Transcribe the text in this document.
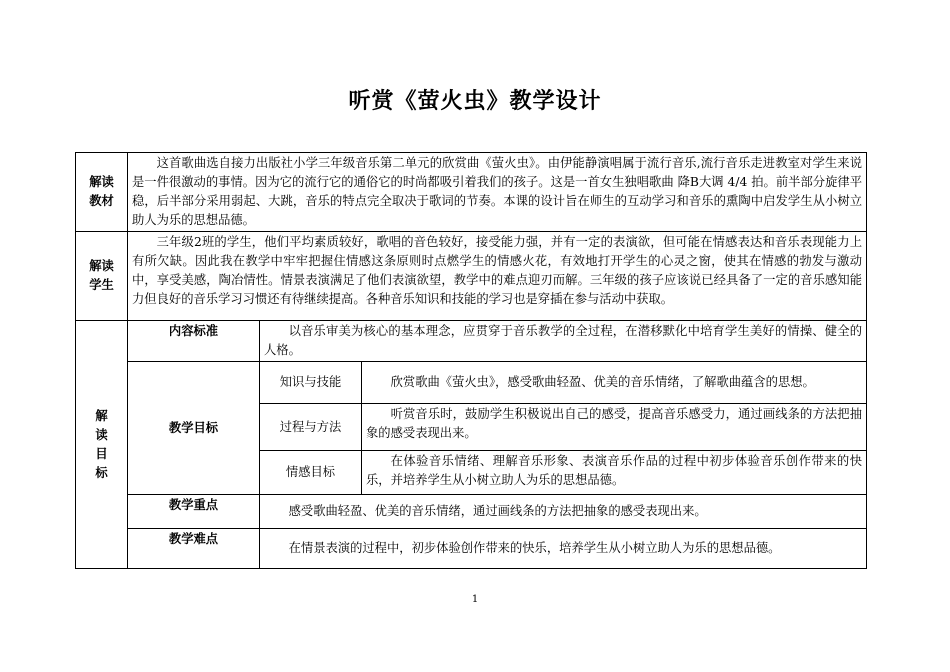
听赏《萤火虫》教学设计
解读
教材	这首歌曲选自接力出版社小学三年级音乐第二单元的欣赏曲《萤火虫》。由伊能静演唱属于流行音乐,流行音乐走进教室对学生来说是一件很激动的事情。因为它的流行它的通俗它的时尚都吸引着我们的孩子。这是一首女生独唱歌曲 降B大调 4/4 拍。前半部分旋律平稳，后半部分采用弱起、大跳，音乐的特点完全取决于歌词的节奏。本课的设计旨在师生的互动学习和音乐的熏陶中启发学生从小树立助人为乐的思想品德。		

解读
学生	三年级2班的学生，他们平均素质较好，歌唱的音色较好，接受能力强，并有一定的表演欲，但可能在情感表达和音乐表现能力上有所欠缺。因此我在教学中牢牢把握住情感这条原则时点燃学生的情感火花，有效地打开学生的心灵之窗，使其在情感的勃发与激动中，享受美感，陶冶情性。情景表演满足了他们表演欲望，教学中的难点迎刃而解。三年级的孩子应该说已经具备了一定的音乐感知能力但良好的音乐学习习惯还有待继续提高。各种音乐知识和技能的学习也是穿插在参与活动中获取。		

解
读
目
标	内容标准	以音乐审美为核心的基本理念，应贯穿于音乐教学的全过程，在潜移默化中培育学生美好的情操、健全的人格。	
	教学目标	知识与技能	欣赏歌曲《萤火虫》，感受歌曲轻盈、优美的音乐情绪，了解歌曲蕴含的思想。
		过程与方法	听赏音乐时，鼓励学生积极说出自己的感受，提高音乐感受力，通过画线条的方法把抽象的感受表现出来。
		情感目标	在体验音乐情绪、理解音乐形象、表演音乐作品的过程中初步体验音乐创作带来的快乐，并培养学生从小树立助人为乐的思想品德。
	教学重点	感受歌曲轻盈、优美的音乐情绪，通过画线条的方法把抽象的感受表现出来。	
	教学难点	在情景表演的过程中，初步体验创作带来的快乐，培养学生从小树立助人为乐的思想品德。	
1
